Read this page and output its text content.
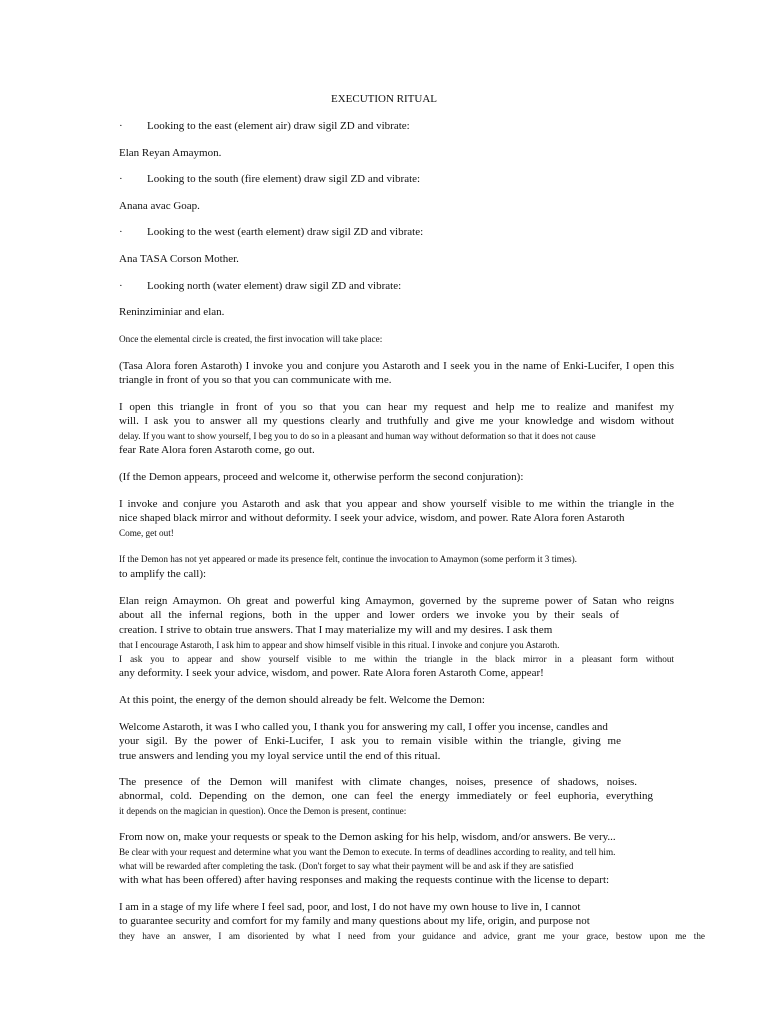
EXECUTION RITUAL
· Looking to the east (element air) draw sigil ZD and vibrate:
Elan Reyan Amaymon.
· Looking to the south (fire element) draw sigil ZD and vibrate:
Anana avac Goap.
· Looking to the west (earth element) draw sigil ZD and vibrate:
Ana TASA Corson Mother.
· Looking north (water element) draw sigil ZD and vibrate:
Reninziminiar and elan.
Once the elemental circle is created, the first invocation will take place:
(Tasa Alora foren Astaroth) I invoke you and conjure you Astaroth and I seek you in the name of Enki-Lucifer, I open this
triangle in front of you so that you can communicate with me.
I open this triangle in front of you so that you can hear my request and help me to realize and manifest my
will. I ask you to answer all my questions clearly and truthfully and give me your knowledge and wisdom without
delay. If you want to show yourself, I beg you to do so in a pleasant and human way without deformation so that it does not cause
fear Rate Alora foren Astaroth come, go out.
(If the Demon appears, proceed and welcome it, otherwise perform the second conjuration):
I invoke and conjure you Astaroth and ask that you appear and show yourself visible to me within the triangle in the
nice shaped black mirror and without deformity. I seek your advice, wisdom, and power. Rate Alora foren Astaroth
Come, get out!
If the Demon has not yet appeared or made its presence felt, continue the invocation to Amaymon (some perform it 3 times).
to amplify the call):
Elan reign Amaymon. Oh great and powerful king Amaymon, governed by the supreme power of Satan who reigns
about all the infernal regions, both in the upper and lower orders we invoke you by their seals of
creation. I strive to obtain true answers. That I may materialize my will and my desires. I ask them
that I encourage Astaroth, I ask him to appear and show himself visible in this ritual. I invoke and conjure you Astaroth.
I ask you to appear and show yourself visible to me within the triangle in the black mirror in a pleasant form without
any deformity. I seek your advice, wisdom, and power. Rate Alora foren Astaroth Come, appear!
At this point, the energy of the demon should already be felt. Welcome the Demon:
Welcome Astaroth, it was I who called you, I thank you for answering my call, I offer you incense, candles and
your sigil. By the power of Enki-Lucifer, I ask you to remain visible within the triangle, giving me
true answers and lending you my loyal service until the end of this ritual.
The presence of the Demon will manifest with climate changes, noises, presence of shadows, noises.
abnormal, cold. Depending on the demon, one can feel the energy immediately or feel euphoria, everything
it depends on the magician in question). Once the Demon is present, continue:
From now on, make your requests or speak to the Demon asking for his help, wisdom, and/or answers. Be very...
Be clear with your request and determine what you want the Demon to execute. In terms of deadlines according to reality, and tell him.
what will be rewarded after completing the task. (Don't forget to say what their payment will be and ask if they are satisfied
with what has been offered) after having responses and making the requests continue with the license to depart:
I am in a stage of my life where I feel sad, poor, and lost, I do not have my own house to live in, I cannot
to guarantee security and comfort for my family and many questions about my life, origin, and purpose not
they have an answer, I am disoriented by what I need from your guidance and advice, grant me your grace, bestow upon me the
